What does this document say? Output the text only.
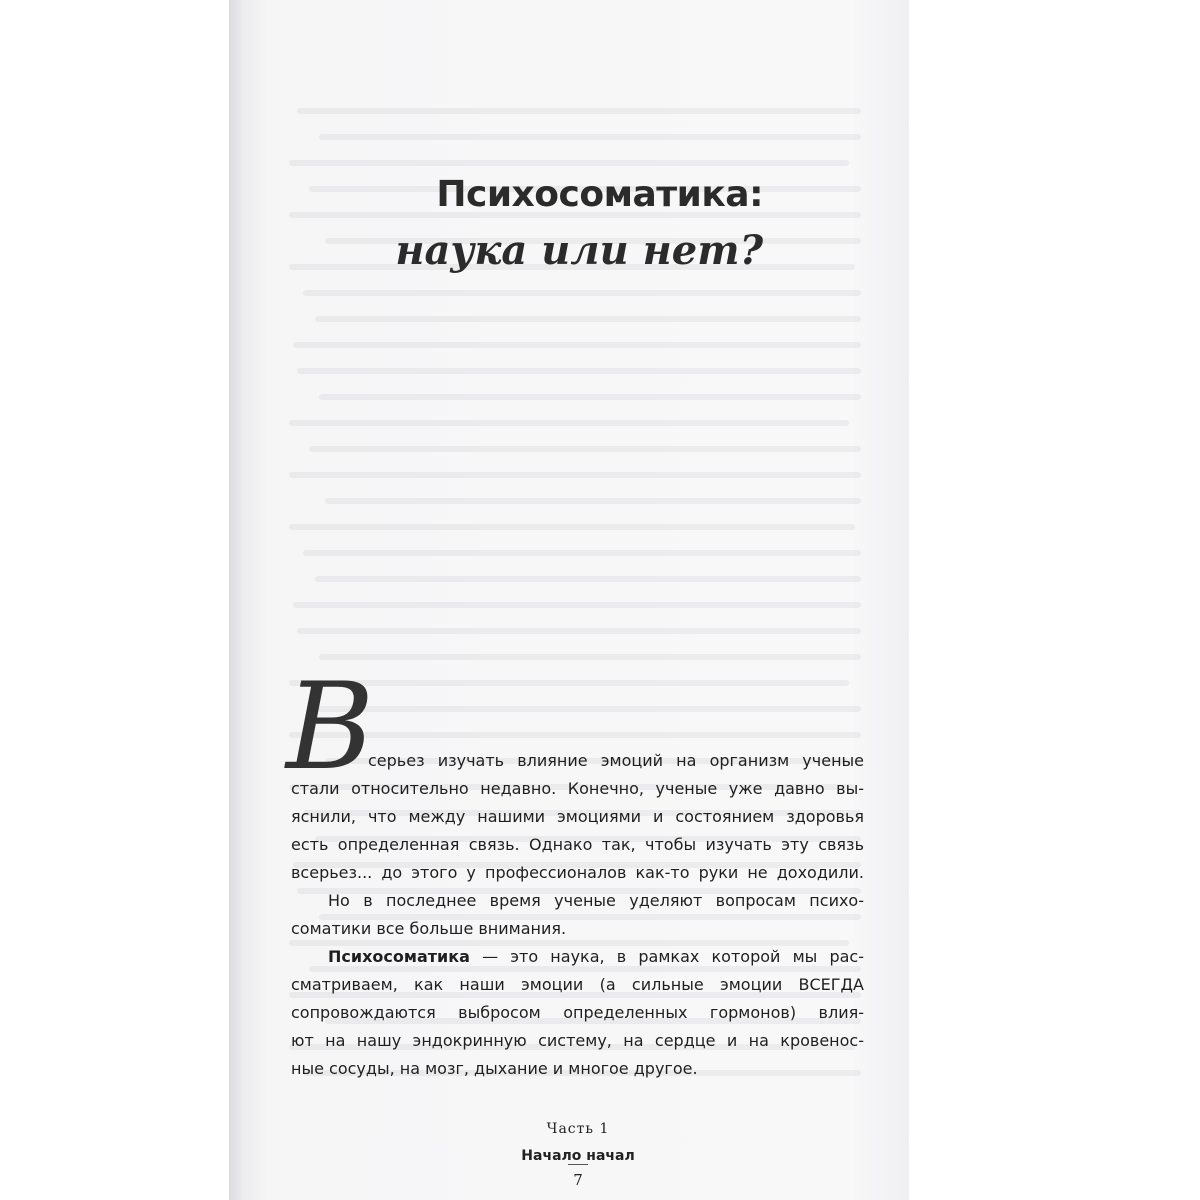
Психосоматика:
наука или нет?
В
серьез изучать влияние эмоций на организм ученые
стали относительно недавно. Конечно, ученые уже давно вы-
яснили, что между нашими эмоциями и состоянием здоровья
есть определенная связь. Однако так, чтобы изучать эту связь
всерьез... до этого у профессионалов как-то руки не доходили.
Но в последнее время ученые уделяют вопросам психо-
соматики все больше внимания.
Психосоматика — это наука, в рамках которой мы рас-
сматриваем, как наши эмоции (а сильные эмоции ВСЕГДА
сопровождаются выбросом определенных гормонов) влия-
ют на нашу эндокринную систему, на сердце и на кровенос-
ные сосуды, на мозг, дыхание и многое другое.
Часть 1
Начало начал
7
